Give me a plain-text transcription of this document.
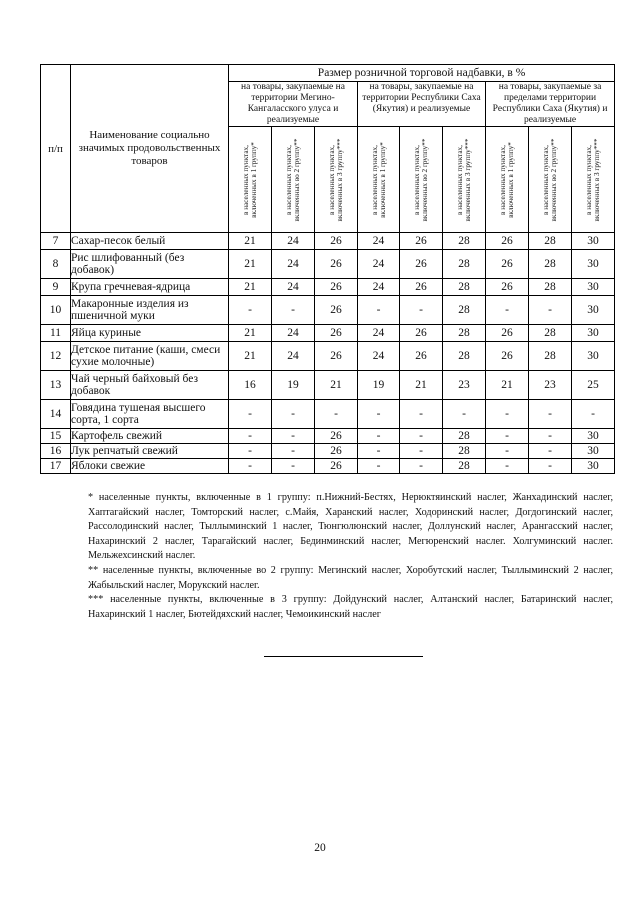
п/п	Наименование социально значимых продовольственных товаров	Размер розничной торговой надбавки, в %								
		на товары, закупаемые на территории Мегино-Кангаласского улуса и реализуемые			на товары, закупаемые на территории Республики Саха (Якутия) и реализуемые			на товары, закупаемые за пределами территории Республики Саха (Якутия) и реализуемые		

		в населенных пунктах, включенных в 1 группу*	в населенных пунктах, включенных во 2 группу**	в населенных пунктах, включенных в 3 группу***	в населенных пунктах, включенных в 1 группу*	в населенных пунктах, включенных во 2 группу**	в населенных пунктах, включенных в 3 группу***	в населенных пунктах, включенных в 1 группу*	в населенных пунктах, включенных во 2 группу**	в населенных пунктах, включенных в 3 группу***

7	Сахар-песок белый	21	24	26	24	26	28	26	28	30
8	Рис шлифованный (без добавок)	21	24	26	24	26	28	26	28	30
9	Крупа гречневая-ядрица	21	24	26	24	26	28	26	28	30
10	Макаронные изделия из пшеничной муки	-	-	26	-	-	28	-	-	30
11	Яйца куриные	21	24	26	24	26	28	26	28	30
12	Детское питание (каши, смеси сухие молочные)	21	24	26	24	26	28	26	28	30
13	Чай черный байховый без добавок	16	19	21	19	21	23	21	23	25
14	Говядина тушеная высшего сорта, 1 сорта	-	-	-	-	-	-	-	-	-
15	Картофель свежий	-	-	26	-	-	28	-	-	30
16	Лук репчатый свежий	-	-	26	-	-	28	-	-	30
17	Яблоки свежие	-	-	26	-	-	28	-	-	30

* населенные пункты, включенные в 1 группу: п.Нижний-Бестях, Нерюктяинский наслег, Жанхадинский наслег, Хаптагайский наслег, Томторский наслег, с.Майя, Харанский наслег, Ходоринский наслег, Догдогинский наслег, Рассолодинский наслег, Тыллыминский 1 наслег, Тюнгюлюнский наслег, Доллунский наслег, Арангасский наслег, Нахаринский 2 наслег, Тарагайский наслег, Бединминский наслег, Мегюренский наслег. Холгуминский наслег. Мельжехсинский наслег.

** населенные пункты, включенные во 2 группу: Мегинский наслег, Хоробутский наслег, Тыллыминский 2 наслег, Жабыльский наслег, Морукский наслег.

*** населенные пункты, включенные в 3 группу: Дойдунский наслег, Алтанский наслег, Батаринский наслег, Нахаринский 1 наслег, Бютейдяхский наслег, Чемоикинский наслег

20
